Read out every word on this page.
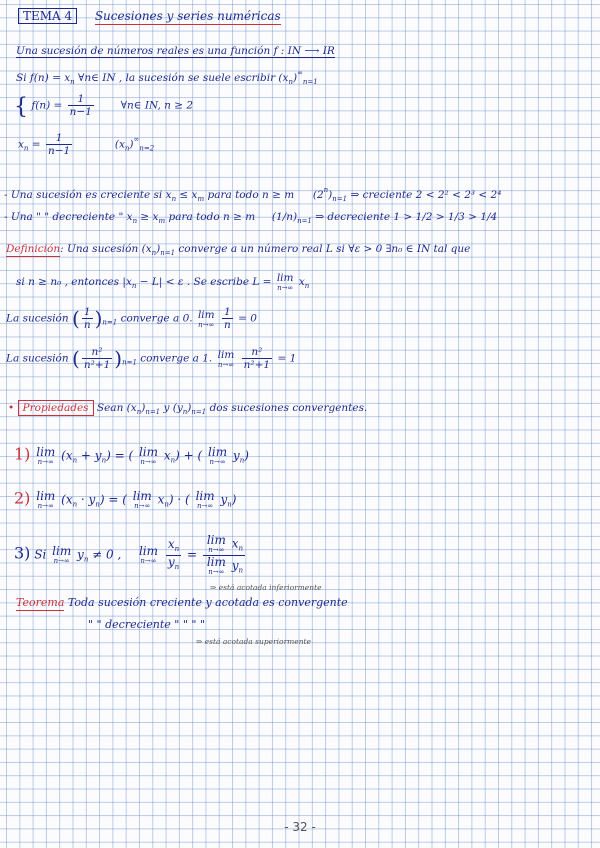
TEMA 4 Sucesiones y series numéricas
Una sucesión de números reales es una función f : IN ⟶ IR
Si $f(n) = x_n$ ∀n∈ IN , la sucesión se suele escribir $(x_n)^\infty_{n=1}$
{ $f(n) = \frac{1}{n-1}$	∀n∈ IN, n ≥ 2
$x_n = \frac{1}{n-1}$	$(x_n)^\infty_{n=2}$
- Una sucesión es creciente si $x_n \le x_m$ para todo n ≥ m $(2^n)_{n=1}$ ⇒ creciente 2 < 2² < 2³ < 2⁴
- Una " " decreciente " $x_n \ge x_m$ para todo n ≥ m $(1/n)_{n=1}$ ⇒ decreciente 1 > 1/2 > 1/3 > 1/4
Definición: Una sucesión $(x_n)_{n=1}$ converge a un número real L si ∀ε > 0 ∃n₀ ∈ IN tal que
si n ≥ n₀ , entonces $|x_n - L| < \varepsilon$ . Se escribe L = lim
n→∞ $x_n$
La sucesión ( $\frac{1}{n} )_{n=1}$ converge a 0. lim
n→∞
$\frac{1}{n} = 0$
La sucesión ( $\frac{\text{n²}}{\text{n²+1}} )_{n=1}$ converge a 1. lim
n→∞
$\frac{\text{n²}}{\text{n²+1}} = 1$
• Propiedades Sean $(x_n)_{n=1}$ y $(y_n)_{n=1}$ dos sucesiones convergentes.
1) lim
n→∞ $(x_n + y_n)$ = ( lim
n→∞ $x_n$) + ( lim
n→∞ $y_n$)
2) lim
n→∞ $(x_n \cdot y_n)$ = ( lim
n→∞ $x_n$) · ( lim
n→∞ $y_n$)
3) Si lim
n→∞ $y_n \ne 0$ , lim
n→∞
$\frac{x_n}{y_n} = \lim$
n→∞ $x_n$
lim
n→∞ $y_n$
⇒ está acotada inferiormente
Teorema Toda sucesión creciente y acotada es convergente
" " decreciente " " " "
⇒ está acotada superiormente
- 32 -
